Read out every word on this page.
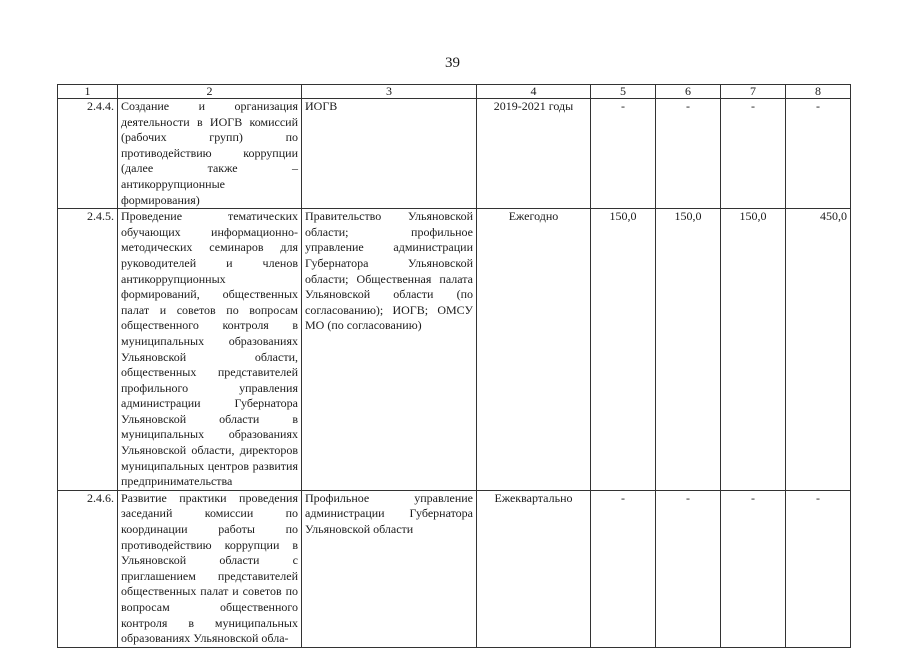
39
1	2	3	4	5	6	7	8
2.4.4.	Создание и организация деятельности в ИОГВ комиссий (рабочих групп) по противодействию коррупции (далее также – антикоррупционные формирования)	ИОГВ	2019-2021 годы	-	-	-	-
2.4.5.	Проведение тематических обучающих информационно-методических семинаров для руководителей и членов антикоррупционных формирований, общественных палат и советов по вопросам общественного контроля в муниципальных образованиях Ульяновской области, общественных представителей профильного управления администрации Губернатора Ульяновской области в муниципальных образованиях Ульяновской области, директоров муниципальных центров развития предпринимательства	Правительство Ульяновской области; профильное управление администрации Губернатора Ульяновской области; Общественная палата Ульяновской области (по согласованию); ИОГВ; ОМСУ МО (по согласованию)	Ежегодно	150,0	150,0	150,0	450,0
2.4.6.	Развитие практики проведения заседаний комиссии по координации работы по противодействию коррупции в Ульяновской области с приглашением представителей общественных палат и советов по вопросам общественного контроля в муниципальных образованиях Ульяновской обла-	Профильное управление администрации Губернатора Ульяновской области	Ежеквартально	-	-	-	-
